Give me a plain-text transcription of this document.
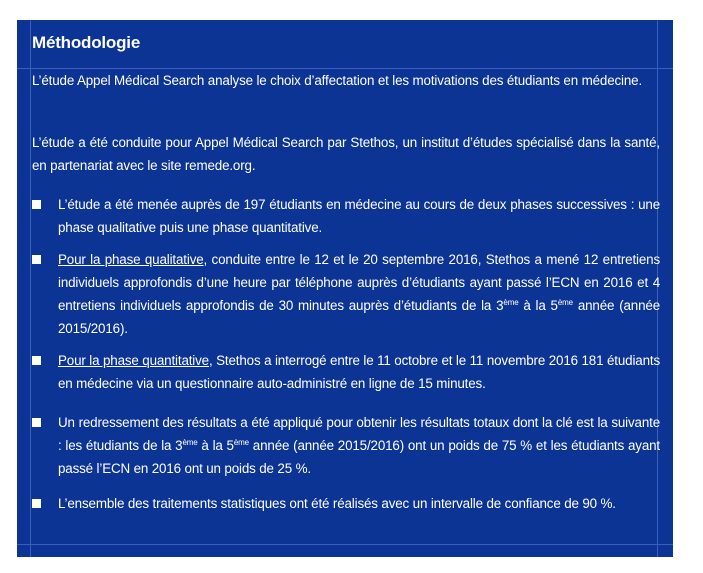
Méthodologie

L’étude Appel Médical Search analyse le choix d’affectation et les motivations des étudiants en médecine.

L’étude a été conduite pour Appel Médical Search par Stethos, un institut d’études spécialisé dans la santé, en partenariat avec le site remede.org.

L’étude a été menée auprès de 197 étudiants en médecine au cours de deux phases successives : une phase qualitative puis une phase quantitative.

Pour la phase qualitative, conduite entre le 12 et le 20 septembre 2016, Stethos a mené 12 entretiens individuels approfondis d’une heure par téléphone auprès d’étudiants ayant passé l’ECN en 2016 et 4 entretiens individuels approfondis de 30 minutes auprès d’étudiants de la 3ème à la 5ème année (année 2015/2016).

Pour la phase quantitative, Stethos a interrogé entre le 11 octobre et le 11 novembre 2016 181 étudiants en médecine via un questionnaire auto-administré en ligne de 15 minutes.

Un redressement des résultats a été appliqué pour obtenir les résultats totaux dont la clé est la suivante : les étudiants de la 3ème à la 5ème année (année 2015/2016) ont un poids de 75 % et les étudiants ayant passé l’ECN en 2016 ont un poids de 25 %.

L’ensemble des traitements statistiques ont été réalisés avec un intervalle de confiance de 90 %.
